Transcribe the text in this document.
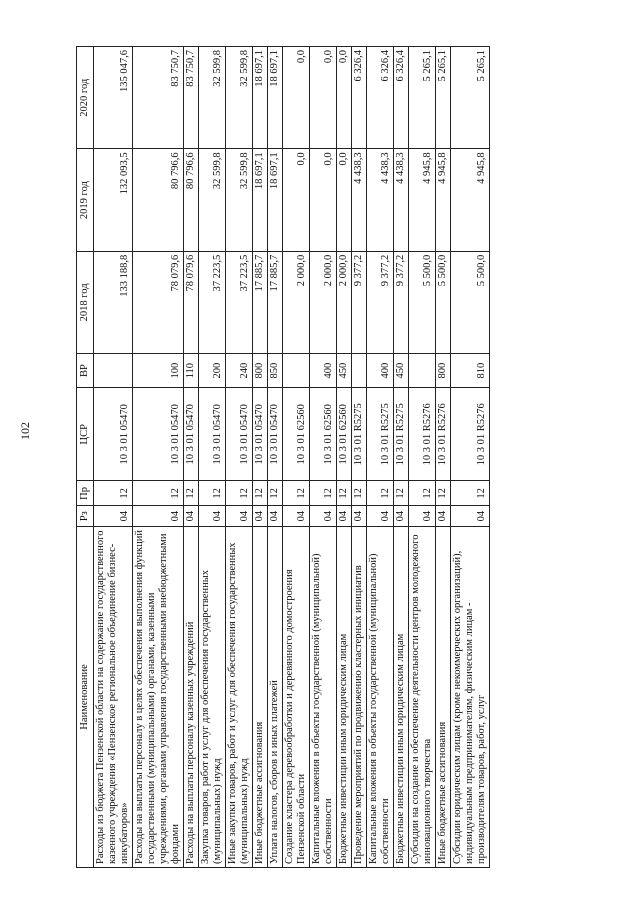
102
Наименование	Рз	Пр	ЦСР	ВР	2018 год	2019 год	2020 год
Расходы из бюджета Пензенской области на содержание государственного казенного учреждения «Пензенское региональное объединение бизнес-инкубаторов»	04	12	10 3 01 05470		133 188,8	132 093,5	135 047,6
Расходы на выплаты персоналу в целях обеспечения выполнения функций государственными (муниципальными) органами, казенными учреждениями, органами управления государственными внебюджетными фондами	04	12	10 3 01 05470	100	78 079,6	80 796,6	83 750,7
Расходы на выплаты персоналу казенных учреждений	04	12	10 3 01 05470	110	78 079,6	80 796,6	83 750,7
Закупка товаров, работ и услуг для обеспечения государственных (муниципальных) нужд	04	12	10 3 01 05470	200	37 223,5	32 599,8	32 599,8
Иные закупки товаров, работ и услуг для обеспечения государственных (муниципальных) нужд	04	12	10 3 01 05470	240	37 223,5	32 599,8	32 599,8
Иные бюджетные ассигнования	04	12	10 3 01 05470	800	17 885,7	18 697,1	18 697,1
Уплата налогов, сборов и иных платежей	04	12	10 3 01 05470	850	17 885,7	18 697,1	18 697,1
Создание кластера деревообработки и деревянного домостроения Пензенской области	04	12	10 3 01 62560		2 000,0	0,0	0,0
Капитальные вложения в объекты государственной (муниципальной) собственности	04	12	10 3 01 62560	400	2 000,0	0,0	0,0
Бюджетные инвестиции иным юридическим лицам	04	12	10 3 01 62560	450	2 000,0	0,0	0,0
Проведение мероприятий по продвижению кластерных инициатив	04	12	10 3 01 R5275		9 377,2	4 438,3	6 326,4
Капитальные вложения в объекты государственной (муниципальной) собственности	04	12	10 3 01 R5275	400	9 377,2	4 438,3	6 326,4
Бюджетные инвестиции иным юридическим лицам	04	12	10 3 01 R5275	450	9 377,2	4 438,3	6 326,4
Субсидии на создание и обеспечение деятельности центров молодежного инновационного творчества	04	12	10 3 01 R5276		5 500,0	4 945,8	5 265,1
Иные бюджетные ассигнования	04	12	10 3 01 R5276	800	5 500,0	4 945,8	5 265,1
Субсидии юридическим лицам (кроме некоммерческих организаций), индивидуальным предпринимателям, физическим лицам - производителям товаров, работ, услуг	04	12	10 3 01 R5276	810	5 500,0	4 945,8	5 265,1
